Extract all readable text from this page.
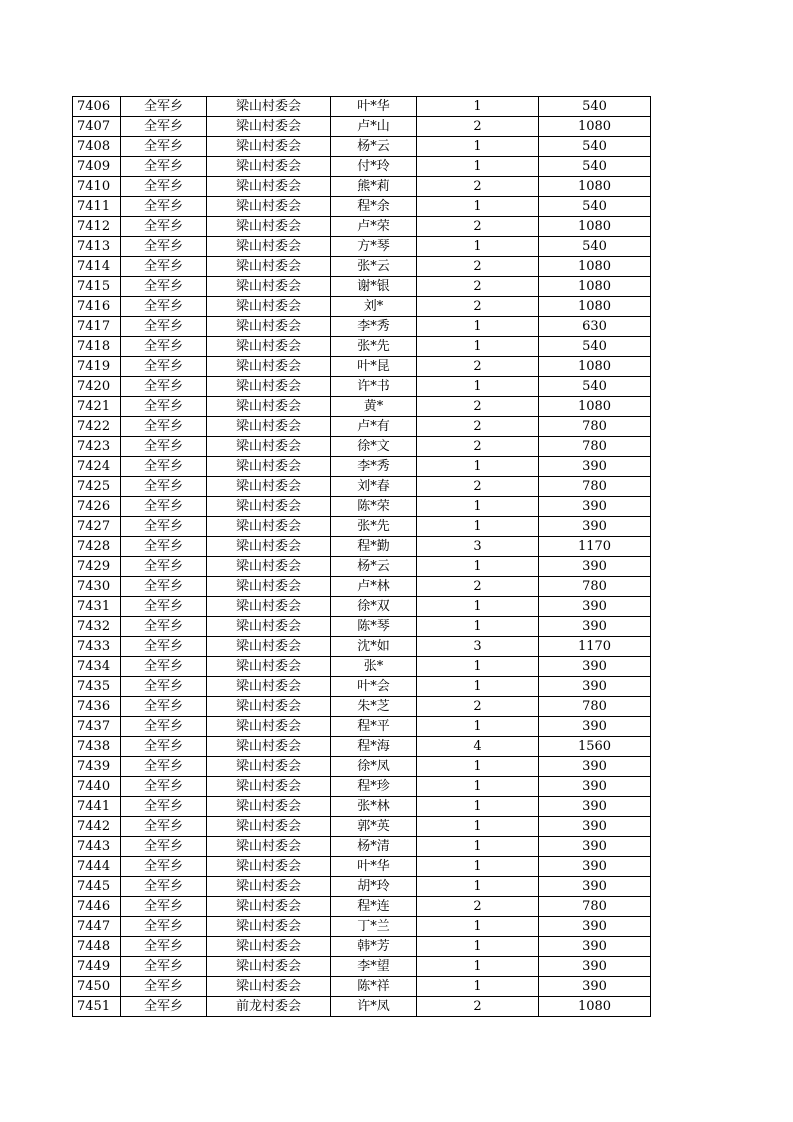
7406	全军乡	梁山村委会	叶*华	1	540
7407	全军乡	梁山村委会	卢*山	2	1080
7408	全军乡	梁山村委会	杨*云	1	540
7409	全军乡	梁山村委会	付*玲	1	540
7410	全军乡	梁山村委会	熊*莉	2	1080
7411	全军乡	梁山村委会	程*余	1	540
7412	全军乡	梁山村委会	卢*荣	2	1080
7413	全军乡	梁山村委会	方*琴	1	540
7414	全军乡	梁山村委会	张*云	2	1080
7415	全军乡	梁山村委会	谢*银	2	1080
7416	全军乡	梁山村委会	刘*	2	1080
7417	全军乡	梁山村委会	李*秀	1	630
7418	全军乡	梁山村委会	张*先	1	540
7419	全军乡	梁山村委会	叶*昆	2	1080
7420	全军乡	梁山村委会	许*书	1	540
7421	全军乡	梁山村委会	黄*	2	1080
7422	全军乡	梁山村委会	卢*有	2	780
7423	全军乡	梁山村委会	徐*文	2	780
7424	全军乡	梁山村委会	李*秀	1	390
7425	全军乡	梁山村委会	刘*春	2	780
7426	全军乡	梁山村委会	陈*荣	1	390
7427	全军乡	梁山村委会	张*先	1	390
7428	全军乡	梁山村委会	程*勤	3	1170
7429	全军乡	梁山村委会	杨*云	1	390
7430	全军乡	梁山村委会	卢*林	2	780
7431	全军乡	梁山村委会	徐*双	1	390
7432	全军乡	梁山村委会	陈*琴	1	390
7433	全军乡	梁山村委会	沈*如	3	1170
7434	全军乡	梁山村委会	张*	1	390
7435	全军乡	梁山村委会	叶*会	1	390
7436	全军乡	梁山村委会	朱*芝	2	780
7437	全军乡	梁山村委会	程*平	1	390
7438	全军乡	梁山村委会	程*海	4	1560
7439	全军乡	梁山村委会	徐*凤	1	390
7440	全军乡	梁山村委会	程*珍	1	390
7441	全军乡	梁山村委会	张*林	1	390
7442	全军乡	梁山村委会	郭*英	1	390
7443	全军乡	梁山村委会	杨*清	1	390
7444	全军乡	梁山村委会	叶*华	1	390
7445	全军乡	梁山村委会	胡*玲	1	390
7446	全军乡	梁山村委会	程*连	2	780
7447	全军乡	梁山村委会	丁*兰	1	390
7448	全军乡	梁山村委会	韩*芳	1	390
7449	全军乡	梁山村委会	李*望	1	390
7450	全军乡	梁山村委会	陈*祥	1	390
7451	全军乡	前龙村委会	许*凤	2	1080
